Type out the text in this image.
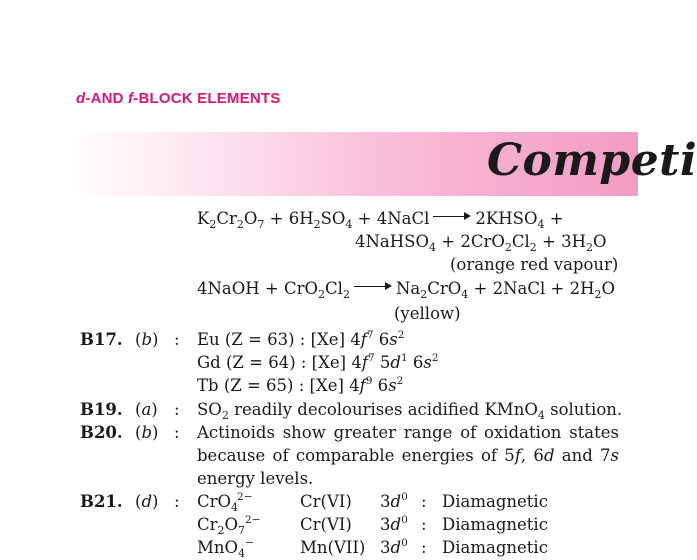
d-AND f-BLOCK ELEMENTS
Competi
$K_2Cr_2O_7 + 6H_2SO_4$ + 4NaCl	$2KHSO_4$ +
4NaHSO$_4$ + $2CrO_2Cl_2 + 3H_2O$
(orange red vapour)
4NaOH + $CrO_2Cl_2$	$Na_2CrO_4$ + 2NaCl + $2H_2O$
(yellow)
B17. (b) : Eu (Z = 63) : [Xe] $4f^7$ $6s^2$
Gd (Z = 64) : [Xe] $4f^7$ $5d^1$ $6s^2$
Tb (Z = 65) : [Xe] $4f^9$ $6s^2$
B19. (a) : $SO_2$ readily decolourises acidified KMnO$_4$ solution.
B20. (b) : Actinoids show greater range of oxidation states
because of comparable energies of 5f, 6d and 7s
energy levels.
B21. (d) : CrO$_4^{2-}$	Cr(VI) $3d^0$ : Diamagnetic
$Cr_2O_7^{2-}$ Cr(VI) $3d^0$ : Diamagnetic
MnO$_4$−	Mn(VII) $3d^0$ : Diamagnetic
